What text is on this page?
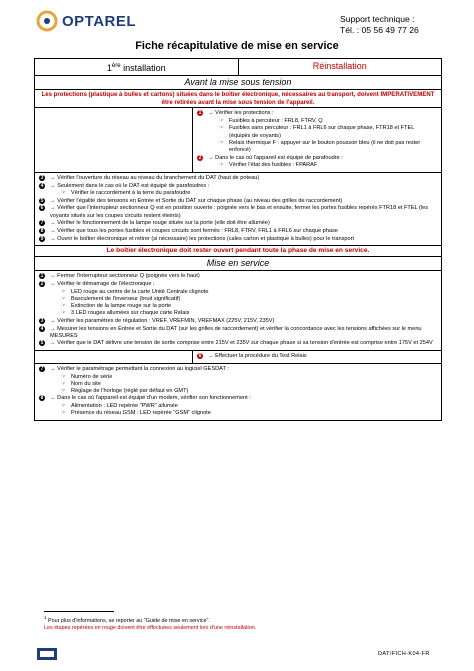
OPTAREL	Support technique :
Tél. : 05 56 49 77 26
Fiche récapitulative de mise en service
1ère installation	Réinstallation
Avant la mise sous tension
Les protections (plastique à bulles et cartons) situées dans le boîtier électronique, nécessaires au transport, doivent IMPERATIVEMENT être retirées avant la mise sous tension de l'appareil.
1	→ Vérifier les protections :
☞ Fusibles à percuteur : FRL8, FTRV, Q
☞ Fusibles sans percuteur : FRL1 à FRL6 sur chaque phase, FTR18 et FTEL (équipés de voyants)
☞ Relais thermique F : appuyer sur le bouton poussoir bleu (il ne doit pas rester enfoncé)
2	→ Dans le cas où l'appareil est équipé de parafoudre :
☞ Vérifier l'état des fusibles : FPARAF
3	→ Vérifier l'ouverture du réseau au niveau du branchement du DAT (haut de poteau)
4	→ Seulement dans le cas où le DAT est équipé de parafoudres :
☞ Vérifier le raccordement à la terre du parafoudre
5	→ Vérifier l'égalité des tensions en Entrée et Sortie du DAT sur chaque phase (au niveau des grilles de raccordement)
6	→ Vérifier que l'interrupteur sectionneur Q est en position ouverte : poignée vers le bas et ensuite, fermer les portes fusibles repérés FTR18 et FTEL (les voyants situés sur les coupes circuits restent éteints)
7	→ Vérifier le fonctionnement de la lampe rouge située sur la porte (elle doit être allumée)
8	→ Vérifier que tous les portes fusibles et coupes circuits sont fermés : FRL8, FTRV, FRL1 à FRL6 sur chaque phase
9	→ Ouvrir le boîtier électronique et retirer (si nécessaire) les protections (cales carton et plastique à bulles) pour le transport
Le boîtier électronique doit rester ouvert pendant toute la phase de mise en service.
Mise en service
1	→ Fermer l'interrupteur sectionneur Q (poignée vers le haut)
2	→ Vérifier le démarrage de l'électronique :
☞ LED rouge au centre de la carte Unité Centrale clignote
☞ Basculement de l'inverseur (bruit significatif)
☞ Extinction de la lampe rouge sur la porte
☞ 3 LED rouges allumées sur chaque carte Relais
3	→ Vérifier les paramètres de régulation : VREF, VREFMIN, VREFMAX (225V, 215V, 235V)
4	→ Mesurer les tensions en Entrée et Sortie du DAT (sur les grilles de raccordement) et vérifier la concordance avec les tensions affichées sur le menu MESURES
5	→ Vérifier que le DAT délivre une tension de sortie comprise entre 215V et 235V sur chaque phase si sa tension d'entrée est comprise entre 175V et 254V
6	→ Effectuer la procédure du Test Relais
7	→ Vérifier le paramétrage permettant la connexion au logiciel GESDAT :
☞ Numéro de série
☞ Nom du site
☞ Réglage de l'horloge (réglé par défaut en GMT)
8	→ Dans le cas où l'appareil est équipé d'un modem, vérifier son fonctionnement :
☞ Alimentation : LED repérée "PWR" allumée
☞ Présence du réseau GSM : LED repérée "GSM" clignote
$^1$ Pour plus d'informations, se reporter au "Guide de mise en service".
Les étapes repérées en rouge doivent être effectuées seulement lors d'une réinstallation.
DAT\FICH-K04-FR
